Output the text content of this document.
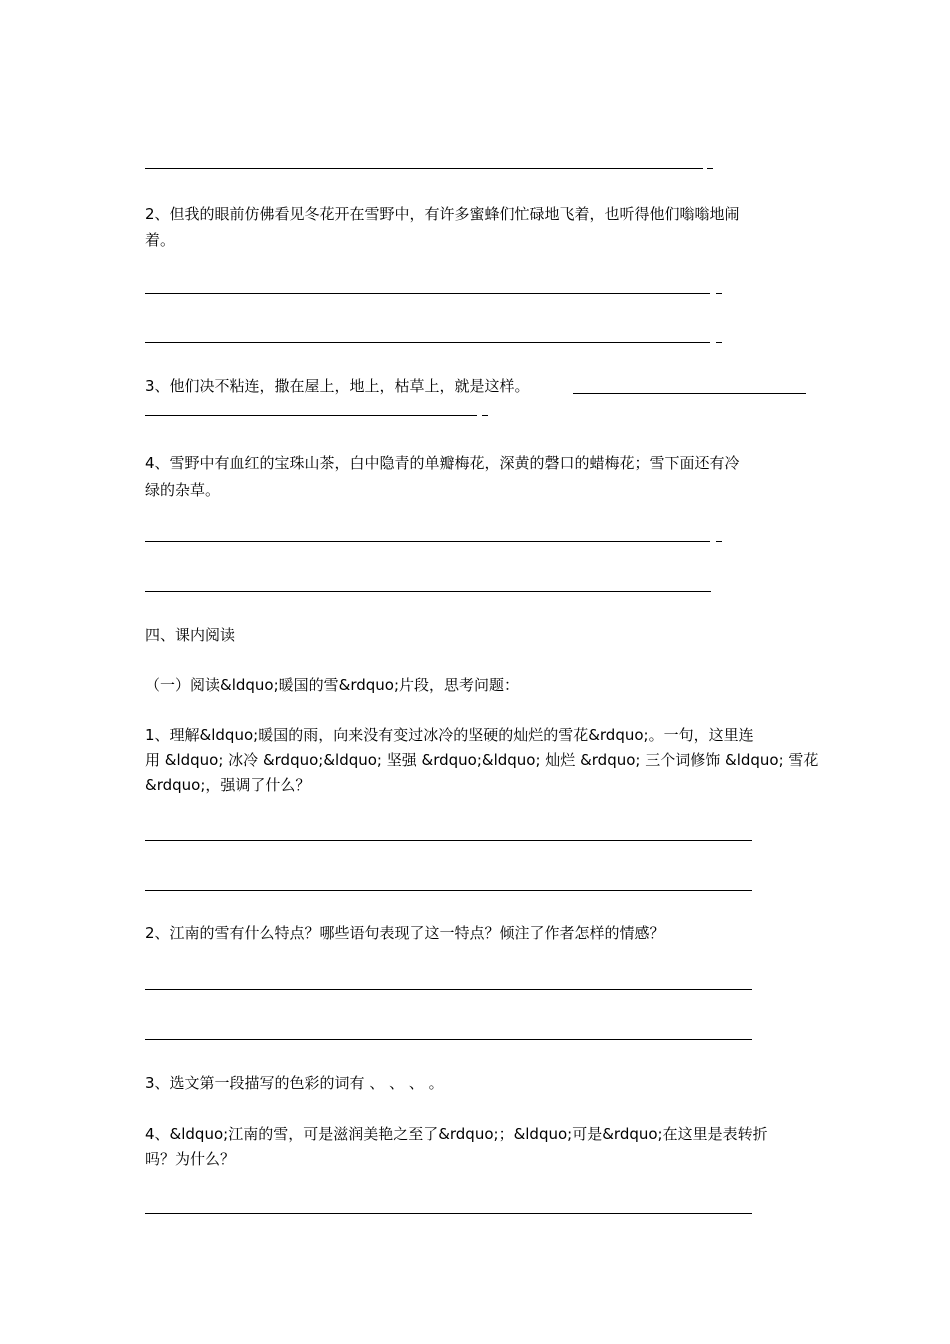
2、但我的眼前仿佛看见冬花开在雪野中，有许多蜜蜂们忙碌地飞着，也听得他们嗡嗡地闹
着。
3、他们决不粘连，撒在屋上，地上，枯草上，就是这样。
4、雪野中有血红的宝珠山茶，白中隐青的单瓣梅花，深黄的磬口的蜡梅花；雪下面还有冷
绿的杂草。
四、课内阅读
（一）阅读&ldquo;暖国的雪&rdquo;片段，思考问题：
1、理解&ldquo;暖国的雨，向来没有变过冰冷的坚硬的灿烂的雪花&rdquo;。一句，这里连
用 &ldquo; 冰冷 &rdquo;&ldquo; 坚强 &rdquo;&ldquo; 灿烂 &rdquo; 三个词修饰 &ldquo; 雪花
&rdquo;，强调了什么？
2、江南的雪有什么特点？哪些语句表现了这一特点？倾注了作者怎样的情感？
3、选文第一段描写的色彩的词有 、 、 、 。
4、&ldquo;江南的雪，可是滋润美艳之至了&rdquo;；&ldquo;可是&rdquo;在这里是表转折
吗？为什么？
